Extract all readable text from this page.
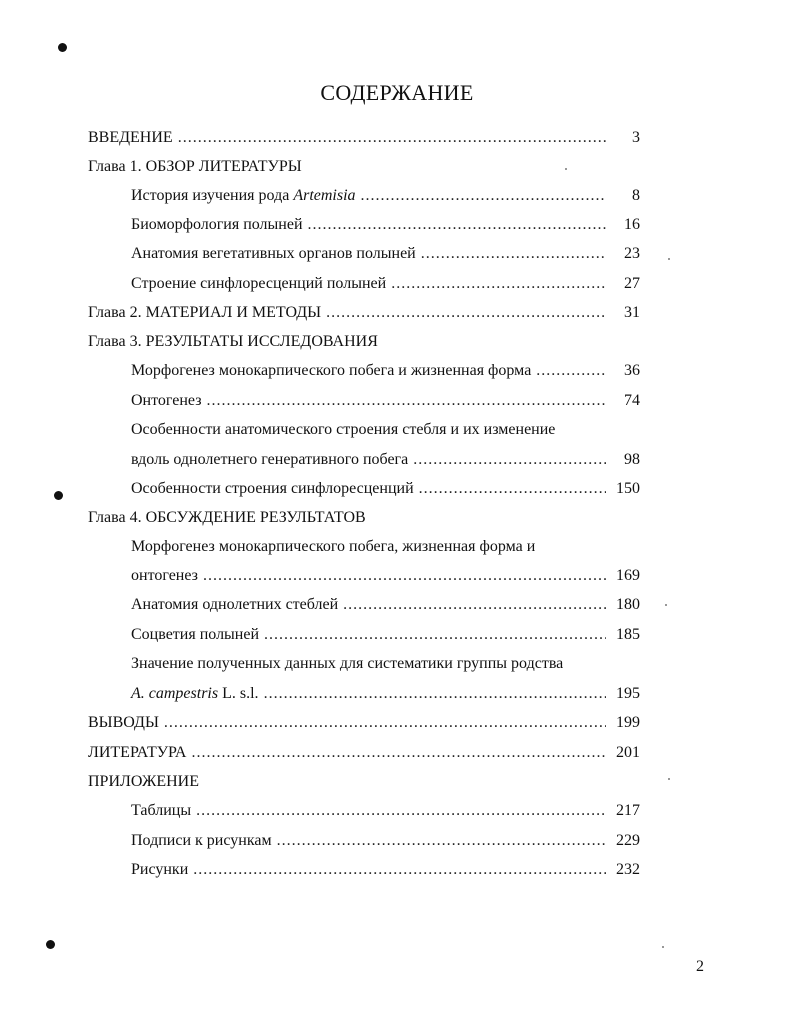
СОДЕРЖАНИЕ
ВВЕДЕНИЕ .....	3
Глава 1. ОБЗОР ЛИТЕРАТУРЫ
История изучения рода Artemisia .....	8
Биоморфология полыней .....	16
Анатомия вегетативных органов полыней .....	23
Строение синфлоресценций полыней .....	27
Глава 2. МАТЕРИАЛ И МЕТОДЫ .....	31
Глава 3. РЕЗУЛЬТАТЫ ИССЛЕДОВАНИЯ
Морфогенез монокарпического побега и жизненная форма .....	36
Онтогенез .....	74
Особенности анатомического строения стебля и их изменение
вдоль однолетнего генеративного побега .....	98
Особенности строения синфлоресценций .....	150
Глава 4. ОБСУЖДЕНИЕ РЕЗУЛЬТАТОВ
Морфогенез монокарпического побега, жизненная форма и
онтогенез .....	169
Анатомия однолетних стеблей .....	180
Соцветия полыней .....	185
Значение полученных данных для систематики группы родства
A. campestris L. s.l. .....	195
ВЫВОДЫ .....	199
ЛИТЕРАТУРА .....	201
ПРИЛОЖЕНИЕ
Таблицы .....	217
Подписи к рисункам .....	229
Рисунки .....	232
2
